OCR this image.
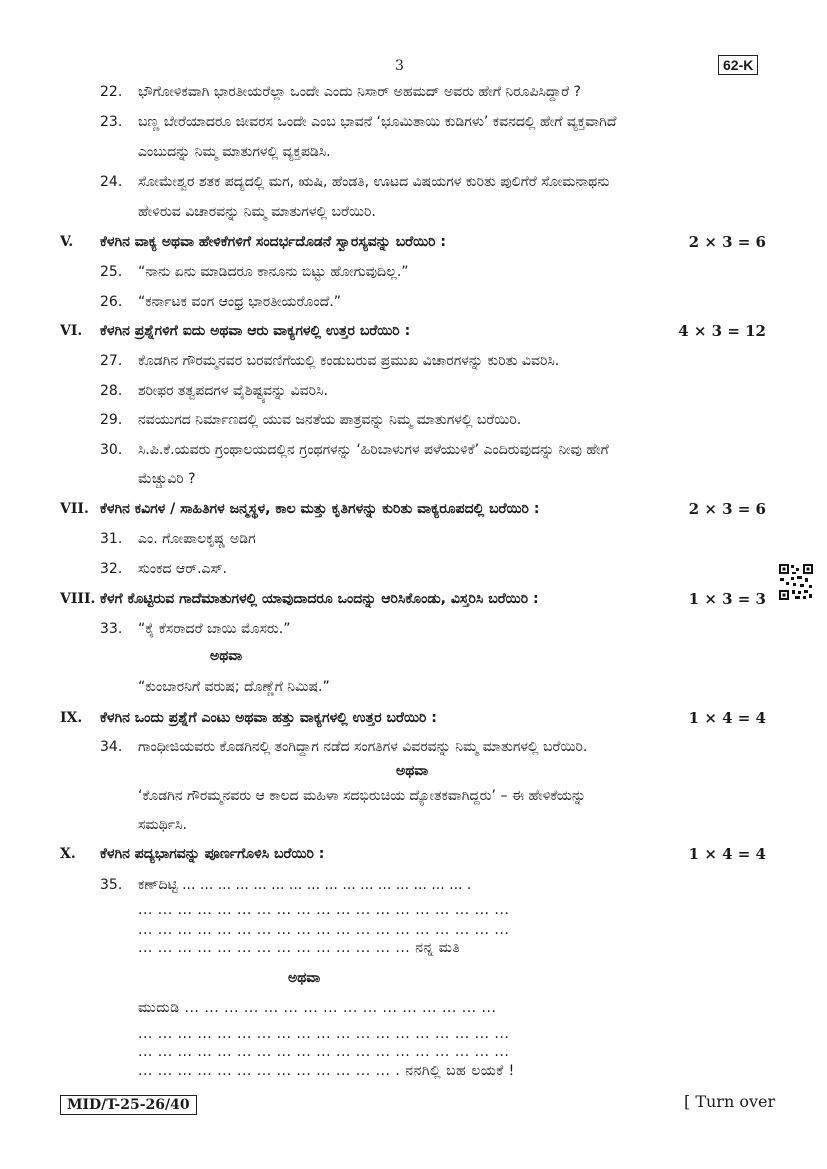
3	62-K
22. ಭೌಗೋಳಿಕವಾಗಿ ಭಾರತೀಯರೆಲ್ಲಾ ಒಂದೇ ಎಂದು ನಿಸಾರ್ ಅಹಮದ್ ಅವರು ಹೇಗೆ ನಿರೂಪಿಸಿದ್ದಾರೆ ?
23. ಬಣ್ಣ ಬೇರೆಯಾದರೂ ಜೀವರಸ ಒಂದೇ ಎಂಬ ಭಾವನೆ ‘ಭೂಮಿತಾಯಿ ಕುಡಿಗಳು’ ಕವನದಲ್ಲಿ ಹೇಗೆ ವ್ಯಕ್ತವಾಗಿದೆ
ಎಂಬುದನ್ನು ನಿಮ್ಮ ಮಾತುಗಳಲ್ಲಿ ವ್ಯಕ್ತಪಡಿಸಿ.
24. ಸೋಮೇಶ್ವರ ಶತಕ ಪದ್ಯದಲ್ಲಿ ಮಗ, ಋಷಿ, ಹೆಂಡತಿ, ಊಟದ ವಿಷಯಗಳ ಕುರಿತು ಪುಲಿಗೆರೆ ಸೋಮನಾಥನು
ಹೇಳಿರುವ ವಿಚಾರವನ್ನು ನಿಮ್ಮ ಮಾತುಗಳಲ್ಲಿ ಬರೆಯಿರಿ.
V. ಕೆಳಗಿನ ವಾಕ್ಯ ಅಥವಾ ಹೇಳಿಕೆಗಳಿಗೆ ಸಂದರ್ಭದೊಡನೆ ಸ್ವಾರಸ್ಯವನ್ನು ಬರೆಯಿರಿ :	2 × 3 = 6
25. “ನಾನು ಏನು ಮಾಡಿದರೂ ಕಾನೂನು ಬಿಟ್ಟು ಹೋಗುವುದಿಲ್ಲ.”
26. “ಕರ್ನಾಟಕ ವಂಗ ಆಂಧ್ರ ಭಾರತೀಯರೊಂದೆ.”
VI. ಕೆಳಗಿನ ಪ್ರಶ್ನೆಗಳಿಗೆ ಐದು ಅಥವಾ ಆರು ವಾಕ್ಯಗಳಲ್ಲಿ ಉತ್ತರ ಬರೆಯಿರಿ :	4 × 3 = 12
27. ಕೊಡಗಿನ ಗೌರಮ್ಮನವರ ಬರವಣಿಗೆಯಲ್ಲಿ ಕಂಡುಬರುವ ಪ್ರಮುಖ ವಿಚಾರಗಳನ್ನು ಕುರಿತು ವಿವರಿಸಿ.
28. ಶರೀಫರ ತತ್ವಪದಗಳ ವೈಶಿಷ್ಟ್ಯವನ್ನು ವಿವರಿಸಿ.
29. ನವಯುಗದ ನಿರ್ಮಾಣದಲ್ಲಿ ಯುವ ಜನತೆಯ ಪಾತ್ರವನ್ನು ನಿಮ್ಮ ಮಾತುಗಳಲ್ಲಿ ಬರೆಯಿರಿ.
30. ಸಿ.ಪಿ.ಕೆ.ಯವರು ಗ್ರಂಥಾಲಯದಲ್ಲಿನ ಗ್ರಂಥಗಳನ್ನು ‘ಹಿರಿಬಾಳುಗಳ ಪಳೆಯುಳಿಕೆ’ ಎಂದಿರುವುದನ್ನು ನೀವು ಹೇಗೆ
ಮೆಚ್ಚುವಿರಿ ?
VII. ಕೆಳಗಿನ ಕವಿಗಳ / ಸಾಹಿತಿಗಳ ಜನ್ಮಸ್ಥಳ, ಕಾಲ ಮತ್ತು ಕೃತಿಗಳನ್ನು ಕುರಿತು ವಾಕ್ಯರೂಪದಲ್ಲಿ ಬರೆಯಿರಿ :	2 × 3 = 6
31. ಎಂ. ಗೋಪಾಲಕೃಷ್ಣ ಅಡಿಗ
32. ಸುಂಕದ ಆರ್.ಎಸ್.
VIII. ಕೆಳಗೆ ಕೊಟ್ಟಿರುವ ಗಾದೆಮಾತುಗಳಲ್ಲಿ ಯಾವುದಾದರೂ ಒಂದನ್ನು ಆರಿಸಿಕೊಂಡು, ವಿಸ್ತರಿಸಿ ಬರೆಯಿರಿ :	1 × 3 = 3
33. “ಕೈ ಕೆಸರಾದರೆ ಬಾಯಿ ಮೊಸರು.”
ಅಥವಾ
“ಕುಂಬಾರನಿಗೆ ವರುಷ; ದೊಣ್ಣೆಗೆ ನಿಮಿಷ.”
IX. ಕೆಳಗಿನ ಒಂದು ಪ್ರಶ್ನೆಗೆ ಎಂಟು ಅಥವಾ ಹತ್ತು ವಾಕ್ಯಗಳಲ್ಲಿ ಉತ್ತರ ಬರೆಯಿರಿ :	1 × 4 = 4
34. ಗಾಂಧೀಜಿಯವರು ಕೊಡಗಿನಲ್ಲಿ ತಂಗಿದ್ದಾಗ ನಡೆದ ಸಂಗತಿಗಳ ವಿವರವನ್ನು ನಿಮ್ಮ ಮಾತುಗಳಲ್ಲಿ ಬರೆಯಿರಿ.
ಅಥವಾ
‘ಕೊಡಗಿನ ಗೌರಮ್ಮನವರು ಆ ಕಾಲದ ಮಹಿಳಾ ಸದಭಿರುಚಿಯ ದ್ಯೋತಕವಾಗಿದ್ದರು’ – ಈ ಹೇಳಿಕೆಯನ್ನು
ಸಮರ್ಥಿಸಿ.
X. ಕೆಳಗಿನ ಪದ್ಯಭಾಗವನ್ನು ಪೂರ್ಣಗೊಳಿಸಿ ಬರೆಯಿರಿ :	1 × 4 = 4
35. ಕಣ್‌ದಿಟ್ಟಿ ... ... ... ... ... ... ... ... ... ... ... ... ... ... ... ... .
... ... ... ... ... ... ... ... ... ... ... ... ... ... ... ... ... ... ...
... ... ... ... ... ... ... ... ... ... ... ... ... ... ... ... ... ... ...
... ... ... ... ... ... ... ... ... ... ... ... ... ... ನನ್ನ ಮತಿ
ಅಥವಾ
ಮುದುಡಿ ... ... ... ... ... ... ... ... ... ... ... ... ... ... ... ...
... ... ... ... ... ... ... ... ... ... ... ... ... ... ... ... ... ... ...
... ... ... ... ... ... ... ... ... ... ... ... ... ... ... ... ... ... ...
... ... ... ... ... ... ... ... ... ... ... ... ... . ನನಗಿಲ್ಲಿ ಬಹ ಲಯಕೆ !
MID/T-25-26/40	[ Turn over
